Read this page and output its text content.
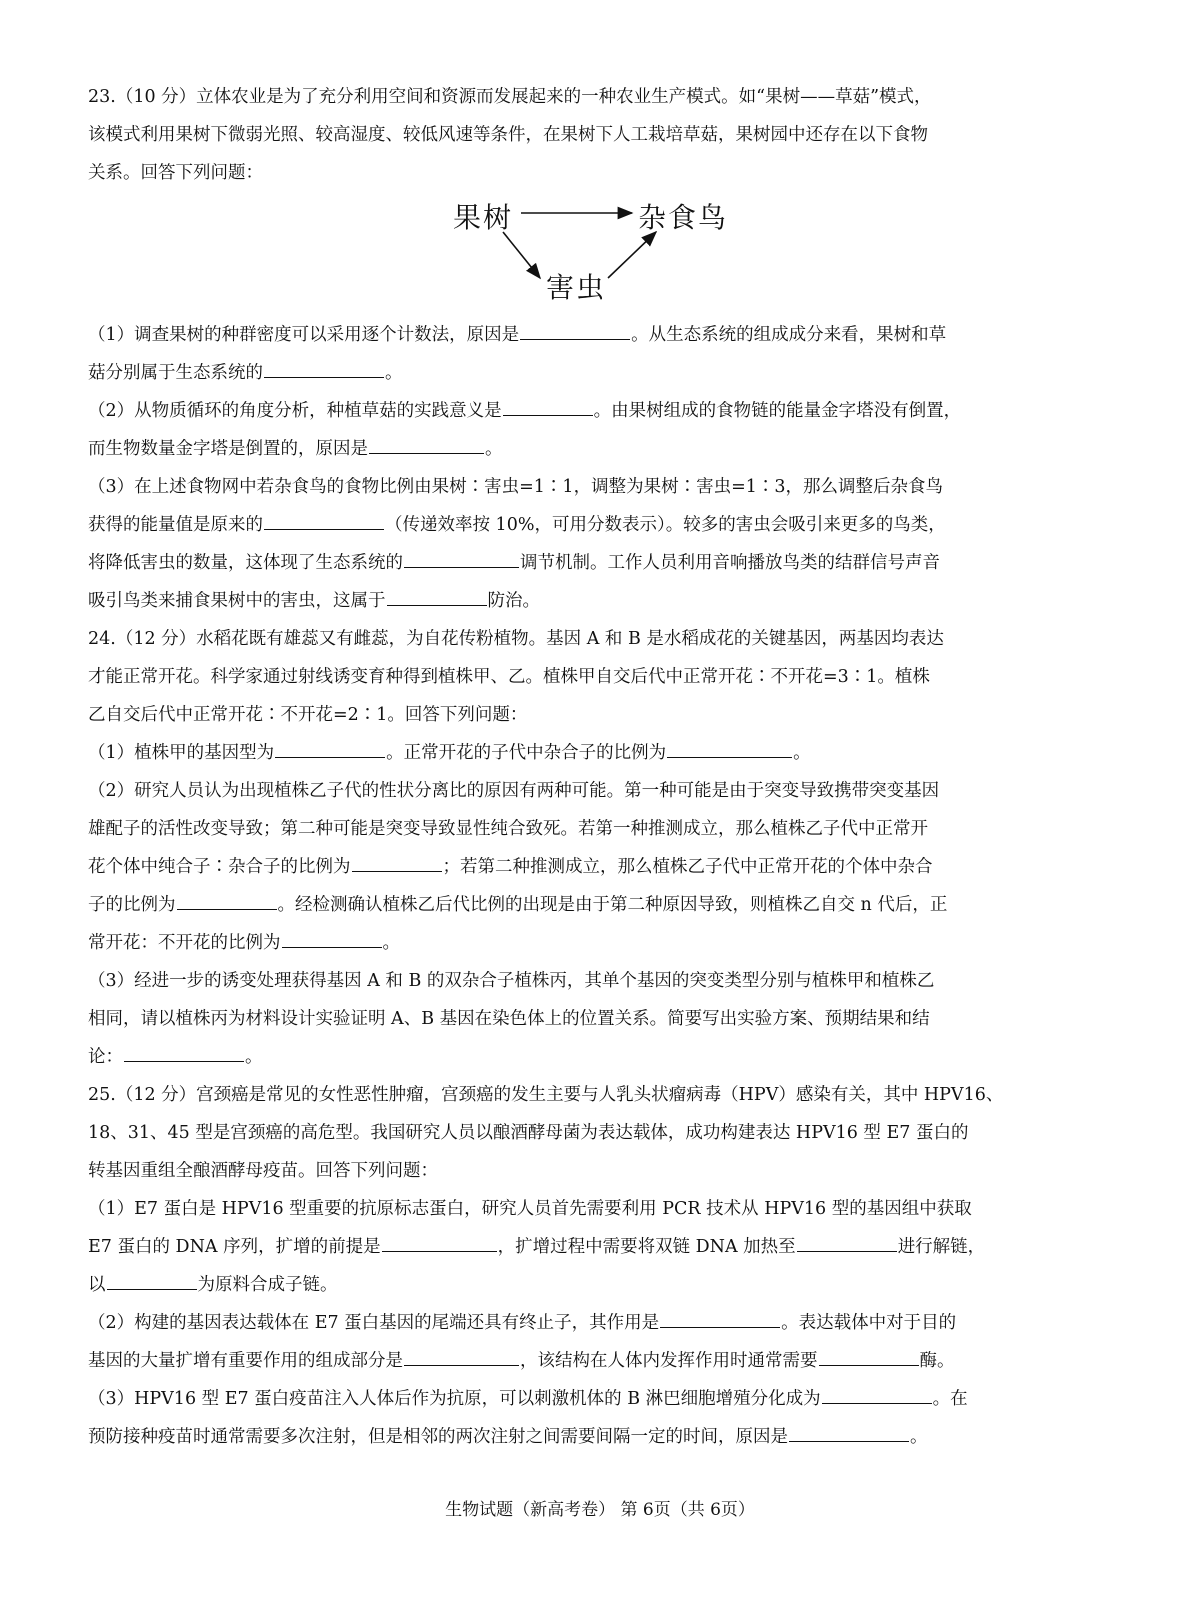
23.（10 分）立体农业是为了充分利用空间和资源而发展起来的一种农业生产模式。如“果树——草菇”模式，
该模式利用果树下微弱光照、较高湿度、较低风速等条件，在果树下人工栽培草菇，果树园中还存在以下食物
关系。回答下列问题：
果树	杂食鸟
害虫
（1）调查果树的种群密度可以采用逐个计数法，原因是	。从生态系统的组成成分来看，果树和草
菇分别属于生态系统的	。
（2）从物质循环的角度分析，种植草菇的实践意义是	。由果树组成的食物链的能量金字塔没有倒置，
而生物数量金字塔是倒置的，原因是	。
（3）在上述食物网中若杂食鸟的食物比例由果树∶害虫=1∶1，调整为果树∶害虫=1∶3，那么调整后杂食鸟
获得的能量值是原来的	（传递效率按 10%，可用分数表示）。较多的害虫会吸引来更多的鸟类，
将降低害虫的数量，这体现了生态系统的	调节机制。工作人员利用音响播放鸟类的结群信号声音
吸引鸟类来捕食果树中的害虫，这属于	防治。
24.（12 分）水稻花既有雄蕊又有雌蕊，为自花传粉植物。基因 A 和 B 是水稻成花的关键基因，两基因均表达
才能正常开花。科学家通过射线诱变育种得到植株甲、乙。植株甲自交后代中正常开花∶不开花=3∶1。植株
乙自交后代中正常开花∶不开花=2∶1。回答下列问题：
（1）植株甲的基因型为	。正常开花的子代中杂合子的比例为	。
（2）研究人员认为出现植株乙子代的性状分离比的原因有两种可能。第一种可能是由于突变导致携带突变基因
雄配子的活性改变导致；第二种可能是突变导致显性纯合致死。若第一种推测成立，那么植株乙子代中正常开
花个体中纯合子∶杂合子的比例为	；若第二种推测成立，那么植株乙子代中正常开花的个体中杂合
子的比例为	。经检测确认植株乙后代比例的出现是由于第二种原因导致，则植株乙自交 n 代后，正
常开花：不开花的比例为	。
（3）经进一步的诱变处理获得基因 A 和 B 的双杂合子植株丙，其单个基因的突变类型分别与植株甲和植株乙
相同，请以植株丙为材料设计实验证明 A、B 基因在染色体上的位置关系。简要写出实验方案、预期结果和结
论：	。
25.（12 分）宫颈癌是常见的女性恶性肿瘤，宫颈癌的发生主要与人乳头状瘤病毒（HPV）感染有关，其中 HPV16、
18、31、45 型是宫颈癌的高危型。我国研究人员以酿酒酵母菌为表达载体，成功构建表达 HPV16 型 E7 蛋白的
转基因重组全酿酒酵母疫苗。回答下列问题：
（1）E7 蛋白是 HPV16 型重要的抗原标志蛋白，研究人员首先需要利用 PCR 技术从 HPV16 型的基因组中获取
E7 蛋白的 DNA 序列，扩增的前提是	，扩增过程中需要将双链 DNA 加热至	进行解链，
以	为原料合成子链。
（2）构建的基因表达载体在 E7 蛋白基因的尾端还具有终止子，其作用是	。表达载体中对于目的
基因的大量扩增有重要作用的组成部分是	，该结构在人体内发挥作用时通常需要	酶。
（3）HPV16 型 E7 蛋白疫苗注入人体后作为抗原，可以刺激机体的 B 淋巴细胞增殖分化成为	。在
预防接种疫苗时通常需要多次注射，但是相邻的两次注射之间需要间隔一定的时间，原因是	。
生物试题（新高考卷） 第 6页（共 6页）
